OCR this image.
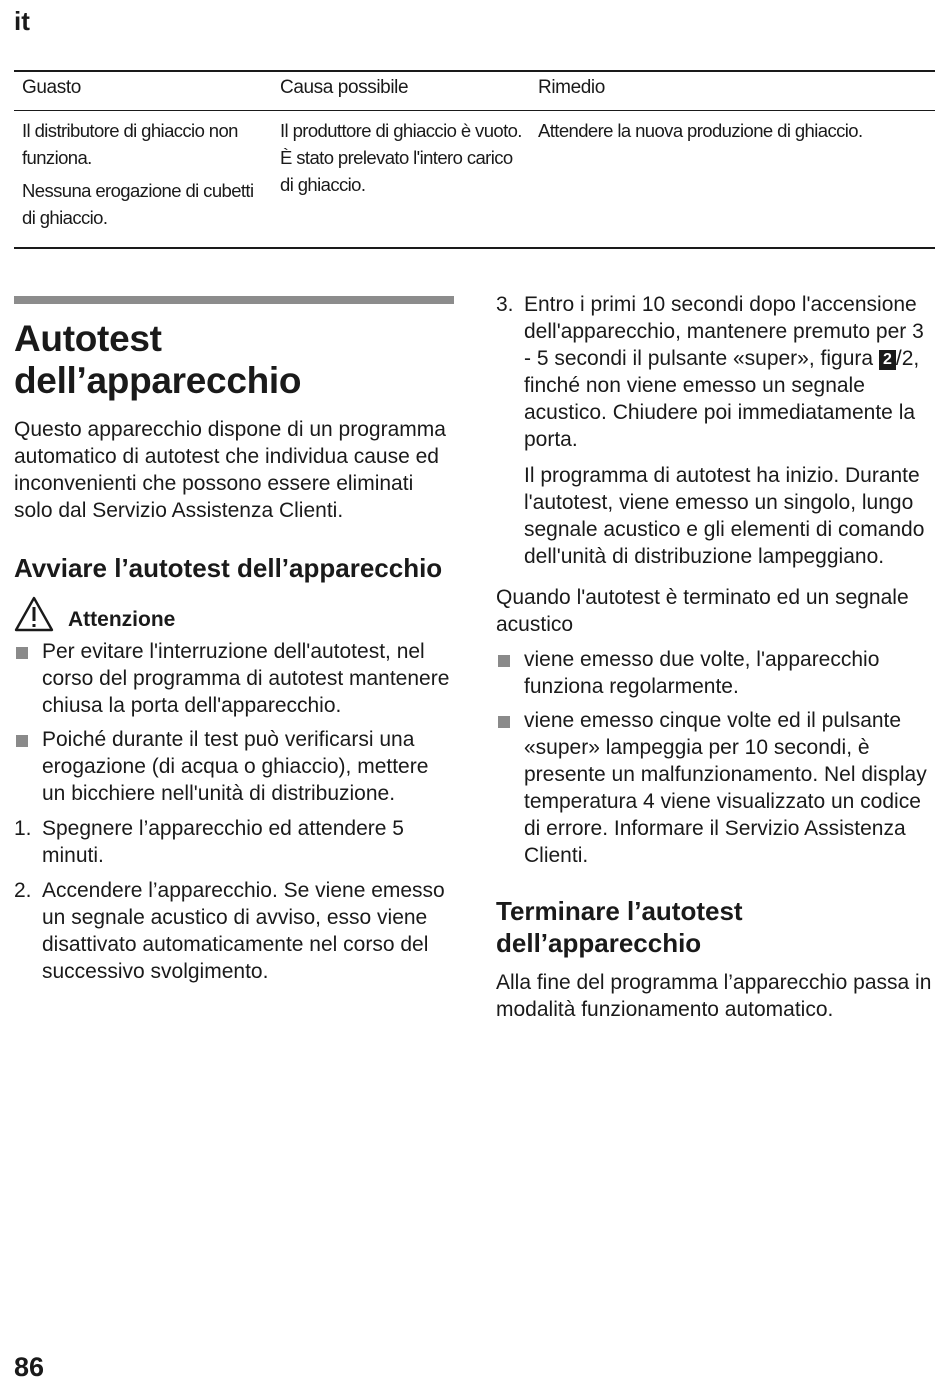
it
Guasto	Causa possibile	Rimedio

Il distributore di ghiaccio non funziona.

Nessuna erogazione di cubetti di ghiaccio.

Il produttore di ghiaccio è vuoto. È stato prelevato l'intero carico di ghiaccio.

Attendere la nuova produzione di ghiaccio.

Autotest dell’apparecchio

Questo apparecchio dispone di un programma automatico di autotest che individua cause ed inconvenienti che possono essere eliminati solo dal Servizio Assistenza Clienti.

Avviare l’autotest dell’apparecchio
Attenzione
Per evitare l'interruzione dell'autotest, nel corso del programma di autotest mantenere chiusa la porta dell'apparecchio.
Poiché durante il test può verificarsi una erogazione (di acqua o ghiaccio), mettere un bicchiere nell'unità di distribuzione.
1. Spegnere l’apparecchio ed attendere 5 minuti.
2. Accendere l’apparecchio. Se viene emesso un segnale acustico di avviso, esso viene disattivato automaticamente nel corso del successivo svolgimento.
3. Entro i primi 10 secondi dopo l'accensione dell'apparecchio, mantenere premuto per 3 - 5 secondi il pulsante «super», figura 2 /2, finché non viene emesso un segnale acustico. Chiudere poi immediatamente la porta.

Il programma di autotest ha inizio. Durante l'autotest, viene emesso un singolo, lungo segnale acustico e gli elementi di comando dell'unità di distribuzione lampeggiano.

Quando l'autotest è terminato ed un segnale acustico

viene emesso due volte, l'apparecchio funziona regolarmente.
viene emesso cinque volte ed il pulsante «super» lampeggia per 10 secondi, è presente un malfunzionamento. Nel display temperatura 4 viene visualizzato un codice di errore. Informare il Servizio Assistenza Clienti.
Terminare l’autotest dell’apparecchio

Alla fine del programma l’apparecchio passa in modalità funzionamento automatico.

86
